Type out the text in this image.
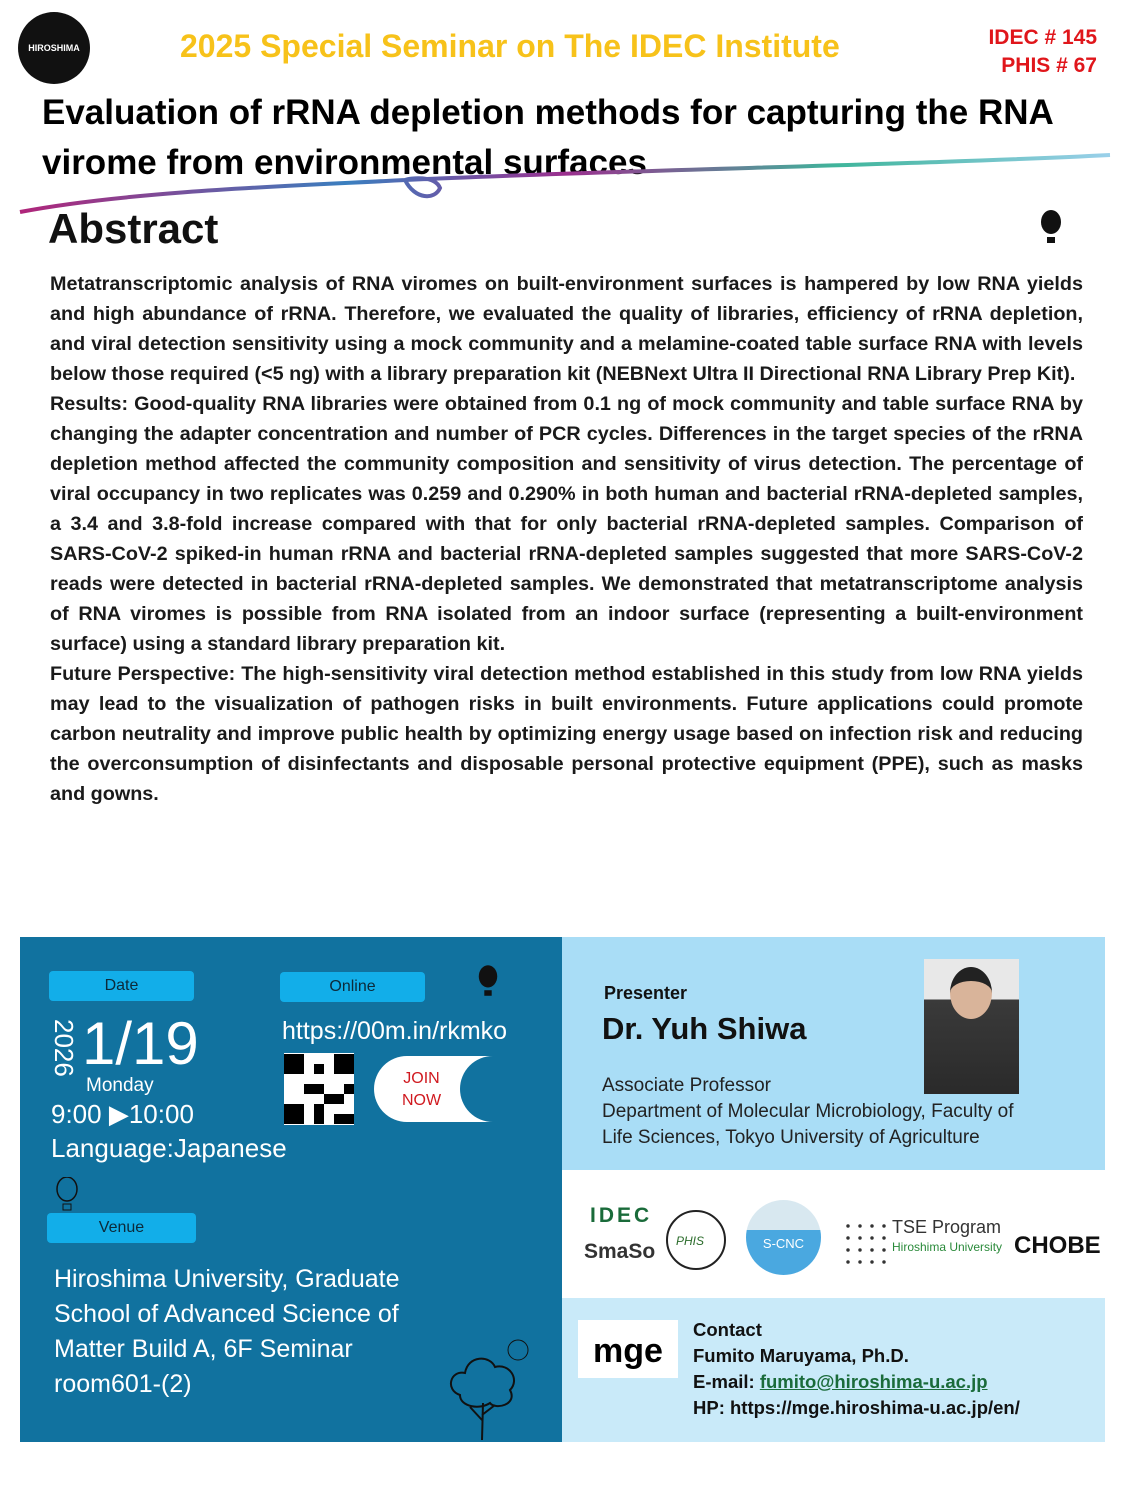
HIROSHIMA	2025 Special Seminar on The IDEC Institute	IDEC # 145
PHIS # 67
Evaluation of rRNA depletion methods for capturing the RNA virome from environmental surfaces
Abstract

Metatranscriptomic analysis of RNA viromes on built-environment surfaces is hampered by low RNA yields and high abundance of rRNA. Therefore, we evaluated the quality of libraries, efficiency of rRNA depletion, and viral detection sensitivity using a mock community and a melamine-coated table surface RNA with levels below those required (<5 ng) with a library preparation kit (NEBNext Ultra II Directional RNA Library Prep Kit).

Results: Good-quality RNA libraries were obtained from 0.1 ng of mock community and table surface RNA by changing the adapter concentration and number of PCR cycles. Differences in the target species of the rRNA depletion method affected the community composition and sensitivity of virus detection. The percentage of viral occupancy in two replicates was 0.259 and 0.290% in both human and bacterial rRNA-depleted samples, a 3.4 and 3.8-fold increase compared with that for only bacterial rRNA-depleted samples. Comparison of SARS-CoV-2 spiked-in human rRNA and bacterial rRNA-depleted samples suggested that more SARS-CoV-2 reads were detected in bacterial rRNA-depleted samples. We demonstrated that metatranscriptome analysis of RNA viromes is possible from RNA isolated from an indoor surface (representing a built-environment surface) using a standard library preparation kit.

Future Perspective: The high-sensitivity viral detection method established in this study from low RNA yields may lead to the visualization of pathogen risks in built environments. Future applications could promote carbon neutrality and improve public health by optimizing energy usage based on infection risk and reducing the overconsumption of disinfectants and disposable personal protective equipment (PPE), such as masks and gowns.

Date	Online
2026 1/19
Monday
9:00 ▶10:00
Language:Japanese
https://00m.in/rkmko
JOIN
NOW
Venue
Hiroshima University, Graduate
School of Advanced Science of
Matter Build A, 6F Seminar
room601-(2)
Presenter
Dr. Yuh Shiwa
Associate Professor
Department of Molecular Microbiology, Faculty of
Life Sciences, Tokyo University of Agriculture
IDEC
SmaSo	PHIS	S-CNC
TSE Program
Hiroshima University CHOBE
mge
Contact
Fumito Maruyama, Ph.D.
E-mail: fumito@hiroshima-u.ac.jp
HP: https://mge.hiroshima-u.ac.jp/en/
